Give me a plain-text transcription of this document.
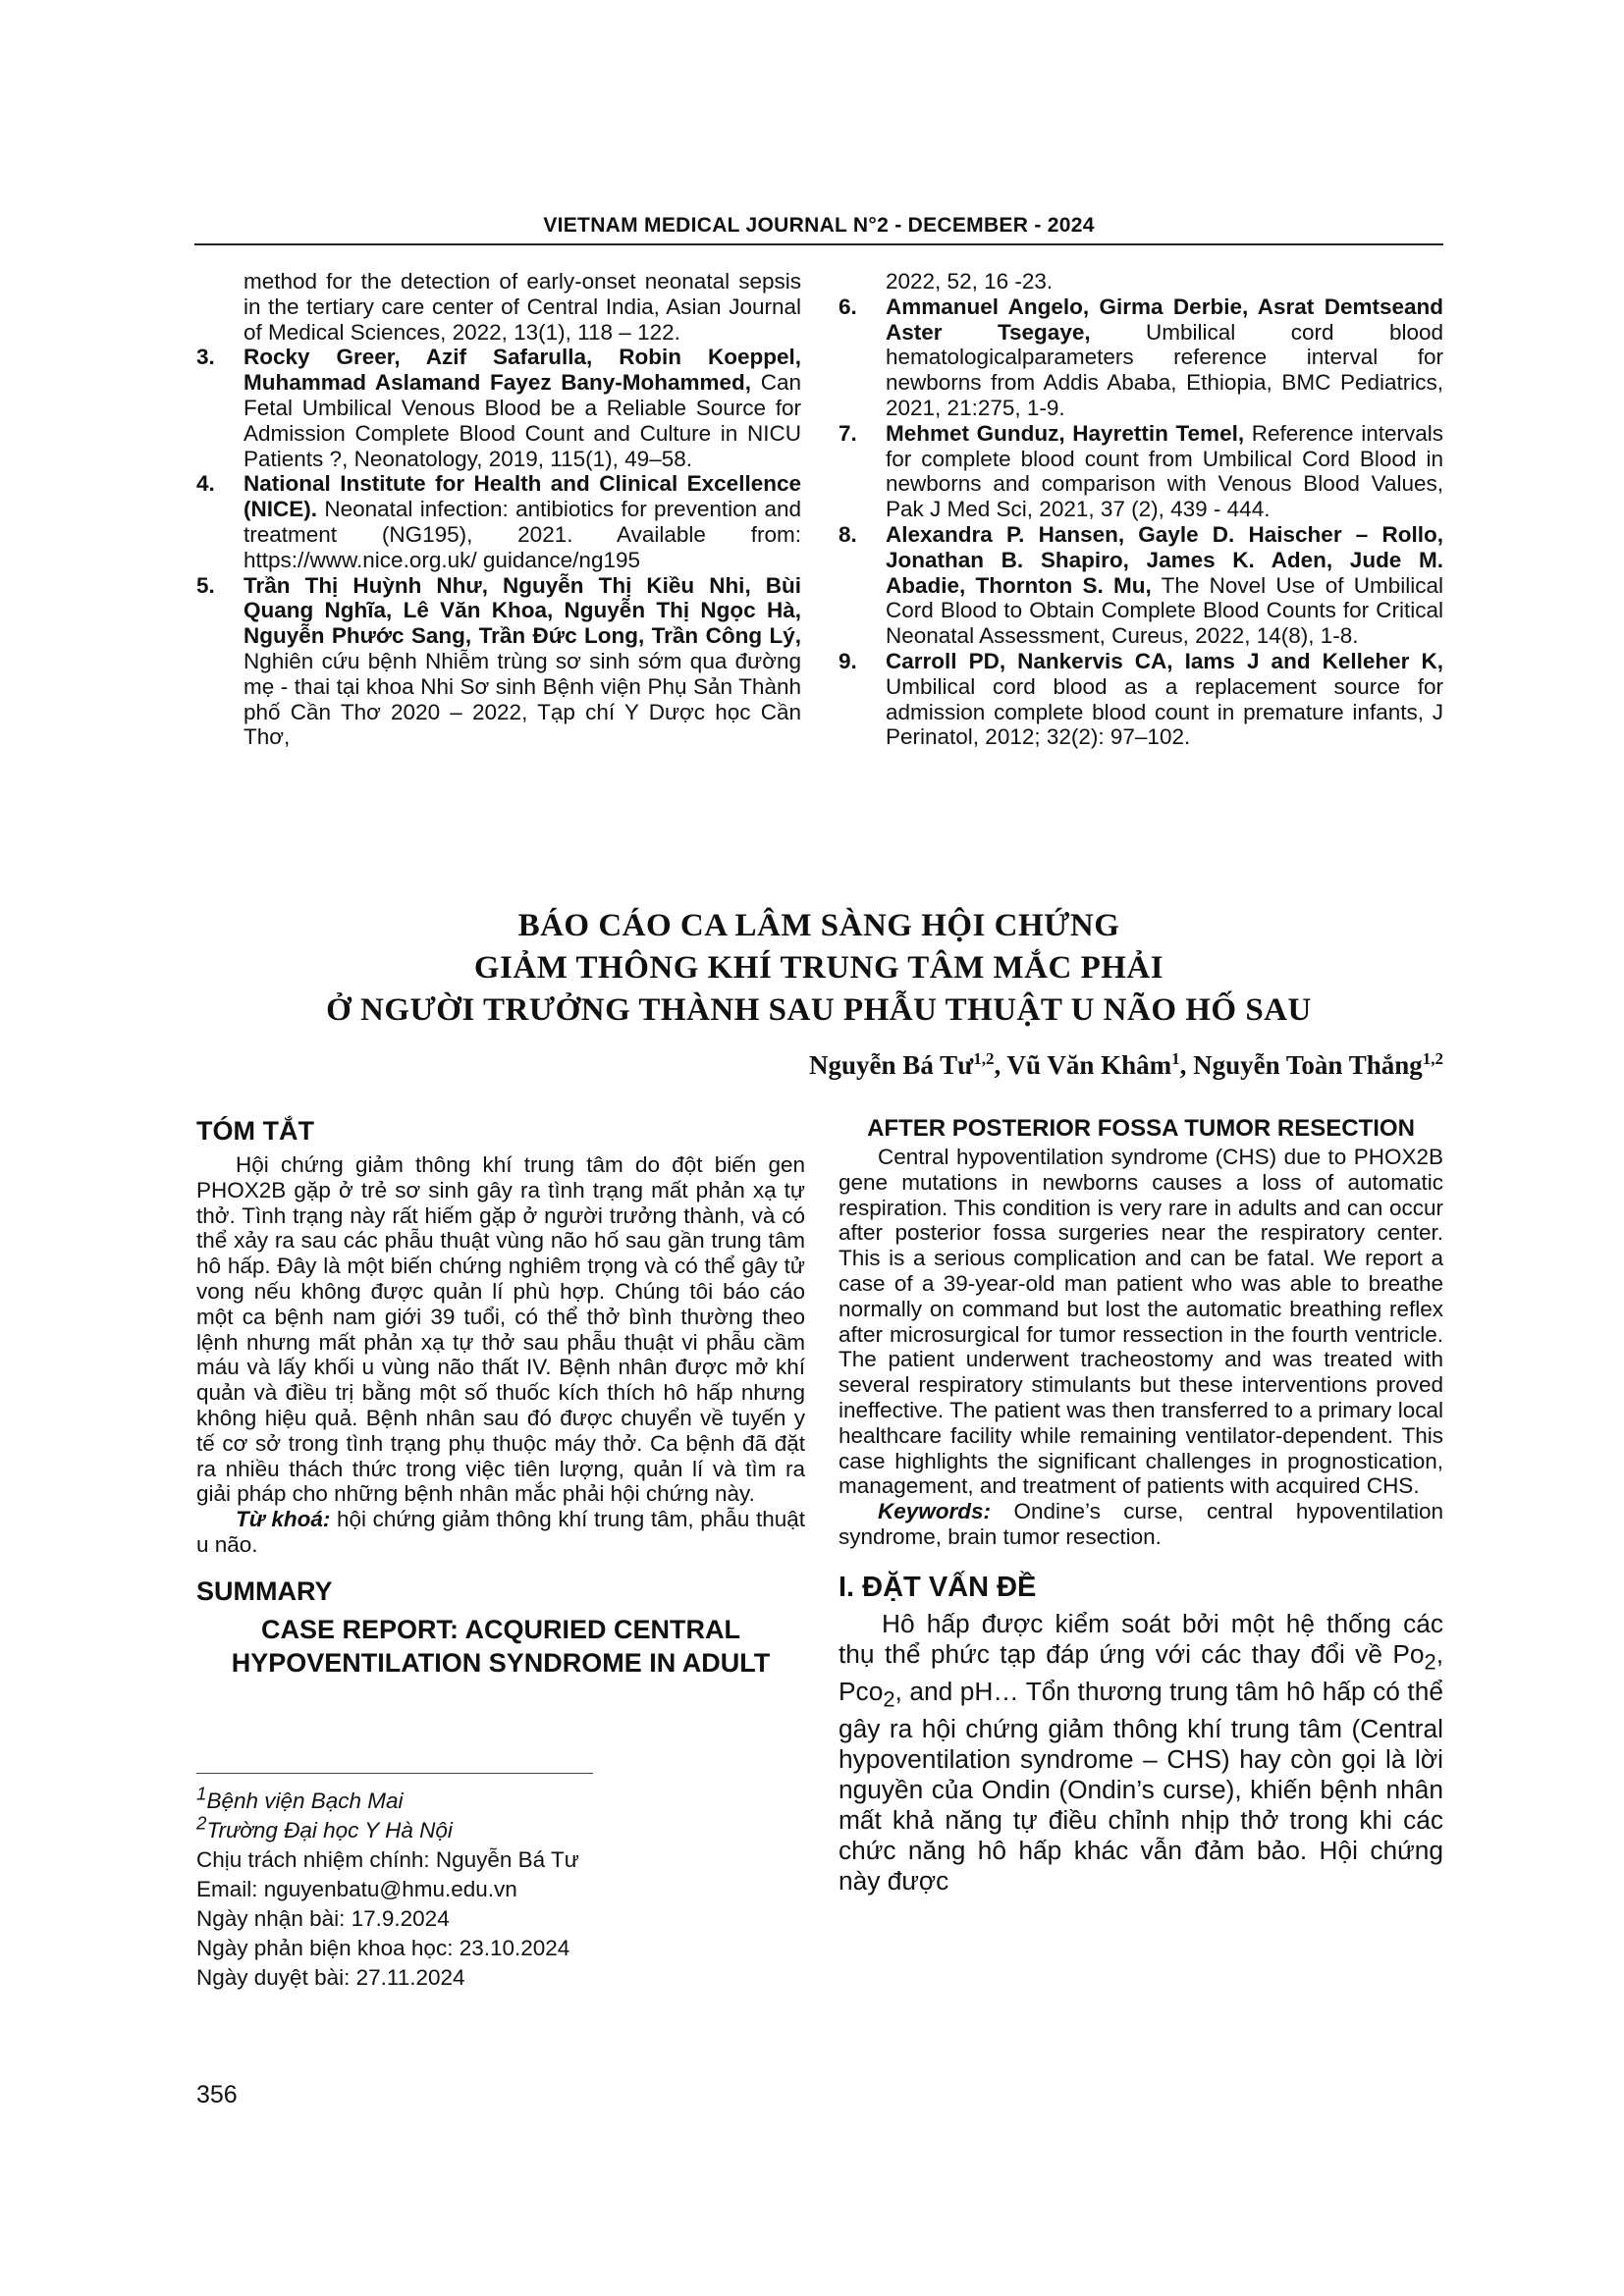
VIETNAM MEDICAL JOURNAL N°2 - DECEMBER - 2024
method for the detection of early-onset neonatal sepsis in the tertiary care center of Central India, Asian Journal of Medical Sciences, 2022, 13(1), 118 – 122.
3. Rocky Greer, Azif Safarulla, Robin Koeppel, Muhammad Aslamand Fayez Bany-Mohammed, Can Fetal Umbilical Venous Blood be a Reliable Source for Admission Complete Blood Count and Culture in NICU Patients ?, Neonatology, 2019, 115(1), 49–58.
4. National Institute for Health and Clinical Excellence (NICE). Neonatal infection: antibiotics for prevention and treatment (NG195), 2021. Available from: https://www.nice.org.uk/ guidance/ng195
5. Trần Thị Huỳnh Như, Nguyễn Thị Kiều Nhi, Bùi Quang Nghĩa, Lê Văn Khoa, Nguyễn Thị Ngọc Hà, Nguyễn Phước Sang, Trần Đức Long, Trần Công Lý, Nghiên cứu bệnh Nhiễm trùng sơ sinh sớm qua đường mẹ - thai tại khoa Nhi Sơ sinh Bệnh viện Phụ Sản Thành phố Cần Thơ 2020 – 2022, Tạp chí Y Dược học Cần Thơ,
2022, 52, 16 -23.
6. Ammanuel Angelo, Girma Derbie, Asrat Demtseand Aster Tsegaye, Umbilical cord blood hematologicalparameters reference interval for newborns from Addis Ababa, Ethiopia, BMC Pediatrics, 2021, 21:275, 1-9.
7. Mehmet Gunduz, Hayrettin Temel, Reference intervals for complete blood count from Umbilical Cord Blood in newborns and comparison with Venous Blood Values, Pak J Med Sci, 2021, 37 (2), 439 - 444.
8. Alexandra P. Hansen, Gayle D. Haischer – Rollo, Jonathan B. Shapiro, James K. Aden, Jude M. Abadie, Thornton S. Mu, The Novel Use of Umbilical Cord Blood to Obtain Complete Blood Counts for Critical Neonatal Assessment, Cureus, 2022, 14(8), 1-8.
9. Carroll PD, Nankervis CA, Iams J and Kelleher K, Umbilical cord blood as a replacement source for admission complete blood count in premature infants, J Perinatol, 2012; 32(2): 97–102.
BÁO CÁO CA LÂM SÀNG HỘI CHỨNG
GIẢM THÔNG KHÍ TRUNG TÂM MẮC PHẢI
Ở NGƯỜI TRƯỞNG THÀNH SAU PHẪU THUẬT U NÃO HỐ SAU
Nguyễn Bá Tư$^{1,2}$, Vũ Văn Khâm$^1$, Nguyễn Toàn Thắng$^{1,2}$
TÓM TẮT

Hội chứng giảm thông khí trung tâm do đột biến gen PHOX2B gặp ở trẻ sơ sinh gây ra tình trạng mất phản xạ tự thở. Tình trạng này rất hiếm gặp ở người trưởng thành, và có thể xảy ra sau các phẫu thuật vùng não hố sau gần trung tâm hô hấp. Đây là một biến chứng nghiêm trọng và có thể gây tử vong nếu không được quản lí phù hợp. Chúng tôi báo cáo một ca bệnh nam giới 39 tuổi, có thể thở bình thường theo lệnh nhưng mất phản xạ tự thở sau phẫu thuật vi phẫu cầm máu và lấy khối u vùng não thất IV. Bệnh nhân được mở khí quản và điều trị bằng một số thuốc kích thích hô hấp nhưng không hiệu quả. Bệnh nhân sau đó được chuyển về tuyến y tế cơ sở trong tình trạng phụ thuộc máy thở. Ca bệnh đã đặt ra nhiều thách thức trong việc tiên lượng, quản lí và tìm ra giải pháp cho những bệnh nhân mắc phải hội chứng này.

Từ khoá: hội chứng giảm thông khí trung tâm, phẫu thuật u não.

SUMMARY
CASE REPORT: ACQURIED CENTRAL
HYPOVENTILATION SYNDROME IN ADULT
AFTER POSTERIOR FOSSA TUMOR RESECTION

Central hypoventilation syndrome (CHS) due to PHOX2B gene mutations in newborns causes a loss of automatic respiration. This condition is very rare in adults and can occur after posterior fossa surgeries near the respiratory center. This is a serious complication and can be fatal. We report a case of a 39-year-old man patient who was able to breathe normally on command but lost the automatic breathing reflex after microsurgical for tumor ressection in the fourth ventricle. The patient underwent tracheostomy and was treated with several respiratory stimulants but these interventions proved ineffective. The patient was then transferred to a primary local healthcare facility while remaining ventilator-dependent. This case highlights the significant challenges in prognostication, management, and treatment of patients with acquired CHS.

Keywords: Ondine’s curse, central hypoventilation syndrome, brain tumor resection.

I. ĐẶT VẤN ĐỀ

Hô hấp được kiểm soát bởi một hệ thống các thụ thể phức tạp đáp ứng với các thay đổi về $Po_2$, Pco$_2$, and pH… Tổn thương trung tâm hô hấp có thể gây ra hội chứng giảm thông khí trung tâm (Central hypoventilation syndrome – CHS) hay còn gọi là lời nguyền của Ondin (Ondin’s curse), khiến bệnh nhân mất khả năng tự điều chỉnh nhịp thở trong khi các chức năng hô hấp khác vẫn đảm bảo. Hội chứng này được

$^1$Bệnh viện Bạch Mai
$^2$Trường Đại học Y Hà Nội
Chịu trách nhiệm chính: Nguyễn Bá Tư
Email: nguyenbatu@hmu.edu.vn
Ngày nhận bài: 17.9.2024
Ngày phản biện khoa học: 23.10.2024
Ngày duyệt bài: 27.11.2024
356
